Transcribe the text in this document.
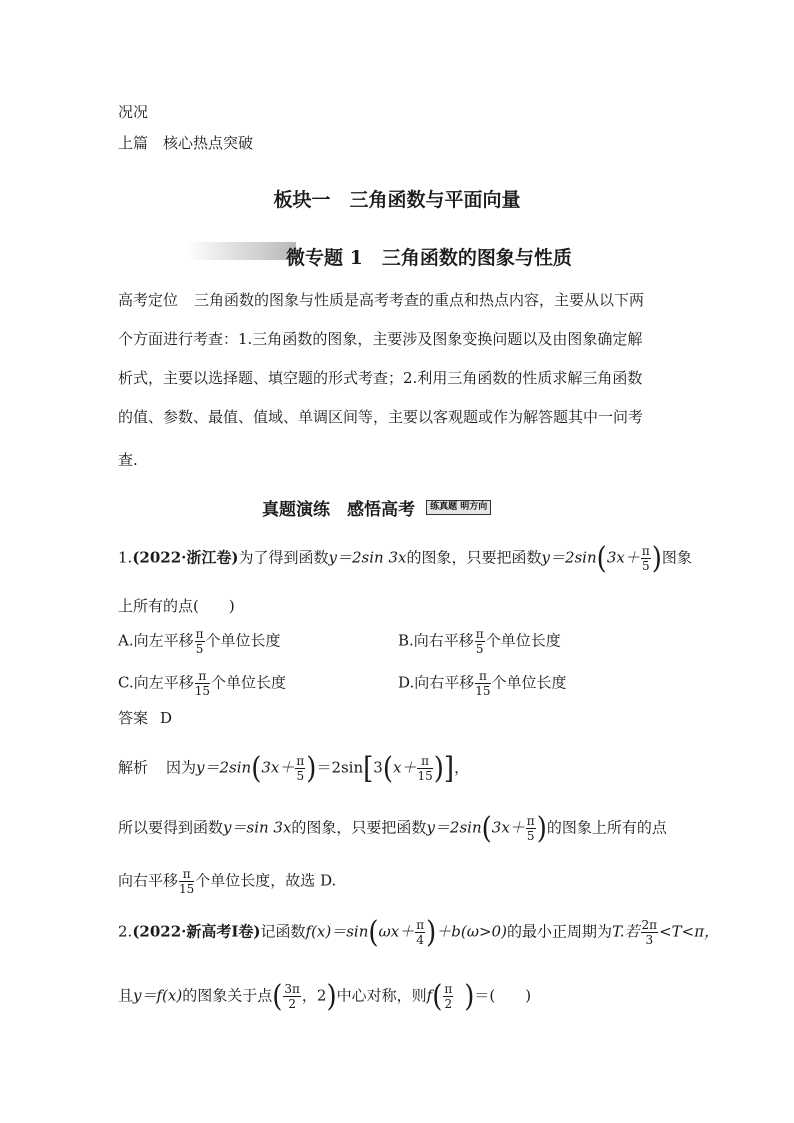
况况
上篇　核心热点突破
板块一　三角函数与平面向量
微专题 1　三角函数的图象与性质
高考定位 三角函数的图象与性质是高考考查的重点和热点内容，主要从以下两
个方面进行考查：1.三角函数的图象，主要涉及图象变换问题以及由图象确定解
析式，主要以选择题、填空题的形式考查；2.利用三角函数的性质求解三角函数
的值、参数、最值、值域、单调区间等，主要以客观题或作为解答题其中一问考
查.
真题演练　感悟高考 练真题 明方向
1.(2022·浙江卷)为了得到函数y＝2sin 3x的图象，只要把函数$y=2\sin(3x+ \frac{\pi}{5}$ )图象
上所有的点(　　)
A.向左平移 $\frac{\pi}{5}$ 个单位长度	B.向右平移 $\frac{\pi}{5}$ 个单位长度
C.向左平移 $\frac{\pi}{15}$ 个单位长度	D.向右平移 $\frac{\pi}{15}$ 个单位长度
答案 D
解析 因为$y=2\sin(3x+ \frac{\pi}{5} )=2\sin[3(x+ \frac{\pi}{15}$ )]，
所以要得到函数y＝sin 3x的图象，只要把函数$y=2\sin(3x+ \frac{\pi}{5}$ )的图象上所有的点
向右平移 $\frac{\pi}{15}$ 个单位长度，故选 D.
2.(2022·新高考Ⅰ卷)记函数$f(x)=\sin(\omega x+ \frac{\pi}{4} )+b(\omega>0)$的最小正周期为T.若 $\frac{2\pi}{3} <T<\pi$，
且y＝f(x)的图象关于点( $\frac{3\pi}{2}$ ，2)中心对称，则$f( \frac{\pi}{2}$ )＝(　　)
